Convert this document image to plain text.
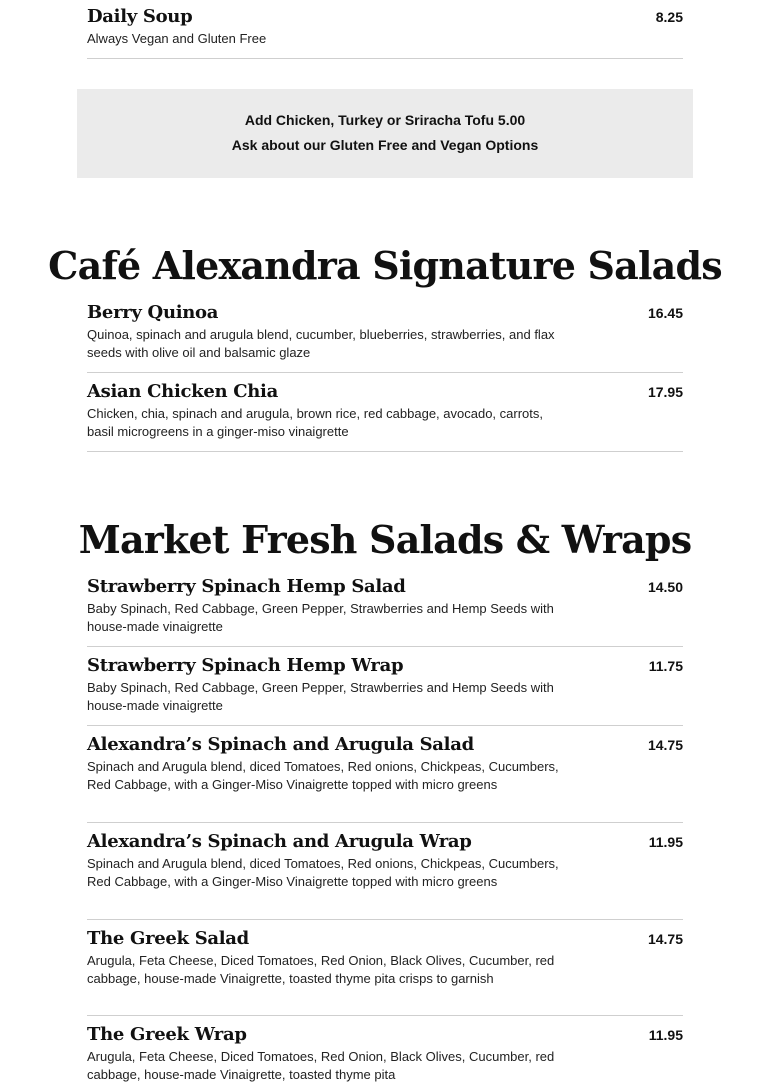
Daily Soup	8.25
Always Vegan and Gluten Free
Add Chicken, Turkey or Sriracha Tofu 5.00
Ask about our Gluten Free and Vegan Options
Café Alexandra Signature Salads
Berry Quinoa	16.45
Quinoa, spinach and arugula blend, cucumber, blueberries, strawberries, and flax seeds with olive oil and balsamic glaze
Asian Chicken Chia	17.95
Chicken, chia, spinach and arugula, brown rice, red cabbage, avocado, carrots, basil microgreens in a ginger-miso vinaigrette
Market Fresh Salads & Wraps
Strawberry Spinach Hemp Salad	14.50
Baby Spinach, Red Cabbage, Green Pepper, Strawberries and Hemp Seeds with house-made vinaigrette
Strawberry Spinach Hemp Wrap	11.75
Baby Spinach, Red Cabbage, Green Pepper, Strawberries and Hemp Seeds with house-made vinaigrette
Alexandra’s Spinach and Arugula Salad	14.75
Spinach and Arugula blend, diced Tomatoes, Red onions, Chickpeas, Cucumbers, Red Cabbage, with a Ginger-Miso Vinaigrette topped with micro greens
Alexandra’s Spinach and Arugula Wrap	11.95
Spinach and Arugula blend, diced Tomatoes, Red onions, Chickpeas, Cucumbers, Red Cabbage, with a Ginger-Miso Vinaigrette topped with micro greens
The Greek Salad	14.75
Arugula, Feta Cheese, Diced Tomatoes, Red Onion, Black Olives, Cucumber, red cabbage, house-made Vinaigrette, toasted thyme pita crisps to garnish
The Greek Wrap	11.95
Arugula, Feta Cheese, Diced Tomatoes, Red Onion, Black Olives, Cucumber, red cabbage, house-made Vinaigrette, toasted thyme pita
